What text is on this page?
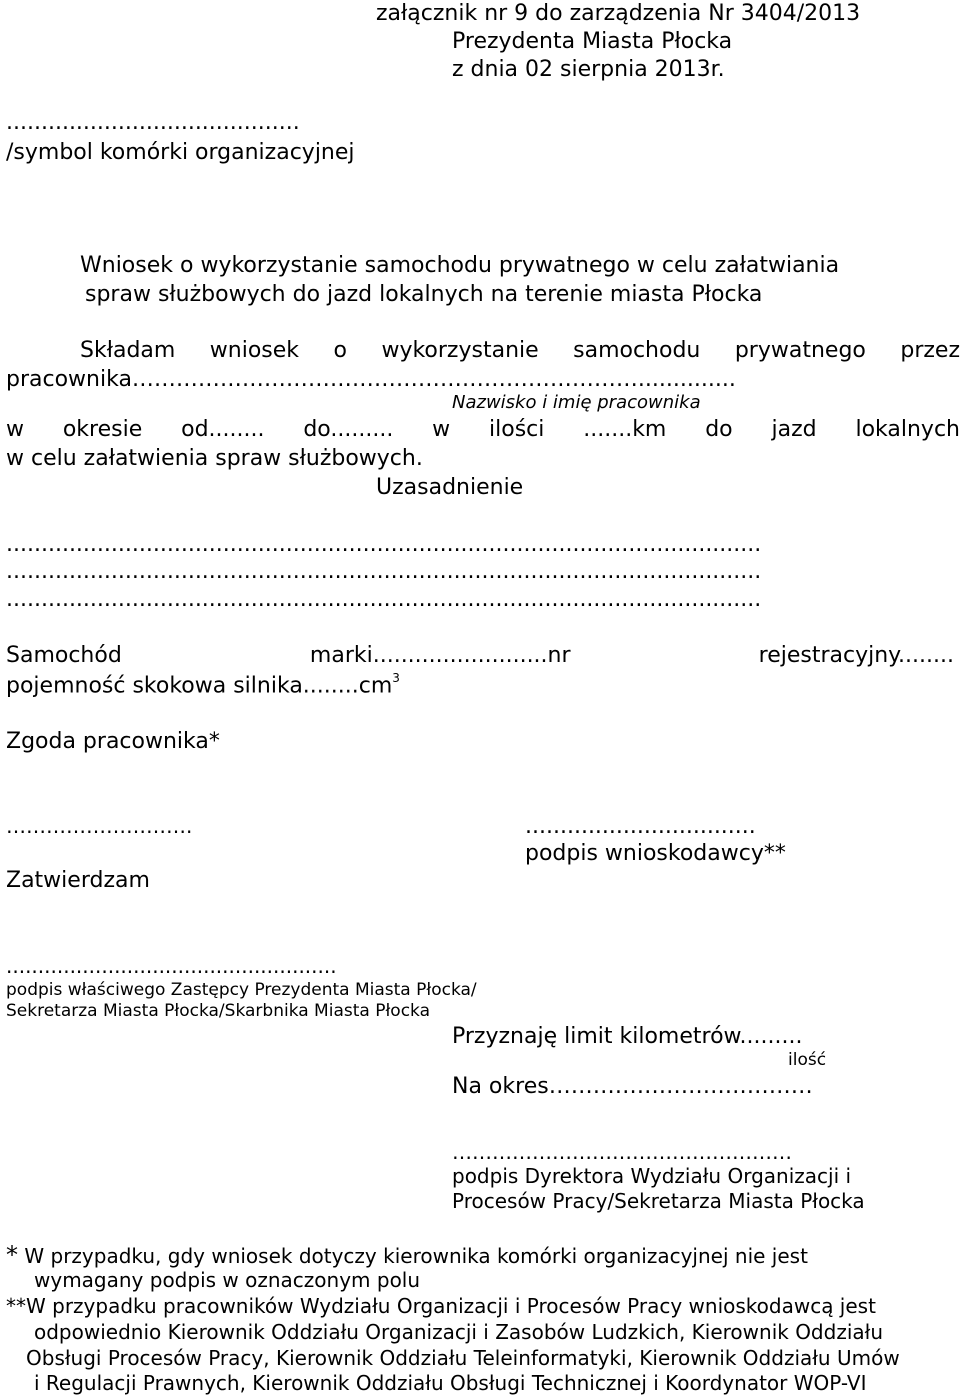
załącznik nr 9 do zarządzenia Nr 3404/2013
Prezydenta Miasta Płocka
z dnia 02 sierpnia 2013r.
..........................................
/symbol komórki organizacyjnej
Wniosek o wykorzystanie samochodu prywatnego w celu załatwiania
spraw służbowych do jazd lokalnych na terenie miasta Płocka
Składam wniosek o wykorzystanie samochodu prywatnego przez
pracownika……………………………………………………………..............
Nazwisko i imię pracownika
w okresie od........ do......... w ilości .......km do jazd lokalnych
w celu załatwienia spraw służbowych.
Uzasadnienie
............................................................................................................
............................................................................................................
............................................................................................................
Samochód	marki.........................nr	rejestracyjny........
pojemność skokowa $silnika........cm^3$
Zgoda pracownika*
……………………….	.................................
podpis wnioskodawcy**
Zatwierdzam
....................................................
podpis właściwego Zastępcy Prezydenta Miasta Płocka/
Sekretarza Miasta Płocka/Skarbnika Miasta Płocka
Przyznaję limit kilometrów.........
ilość
Na okres………………………………
……………………………………………
podpis Dyrektora Wydziału Organizacji i
Procesów Pracy/Sekretarza Miasta Płocka
* W przypadku, gdy wniosek dotyczy kierownika komórki organizacyjnej nie jest
wymagany podpis w oznaczonym polu
**W przypadku pracowników Wydziału Organizacji i Procesów Pracy wnioskodawcą jest
odpowiednio Kierownik Oddziału Organizacji i Zasobów Ludzkich, Kierownik Oddziału
Obsługi Procesów Pracy, Kierownik Oddziału Teleinformatyki, Kierownik Oddziału Umów
i Regulacji Prawnych, Kierownik Oddziału Obsługi Technicznej i Koordynator WOP-VI
